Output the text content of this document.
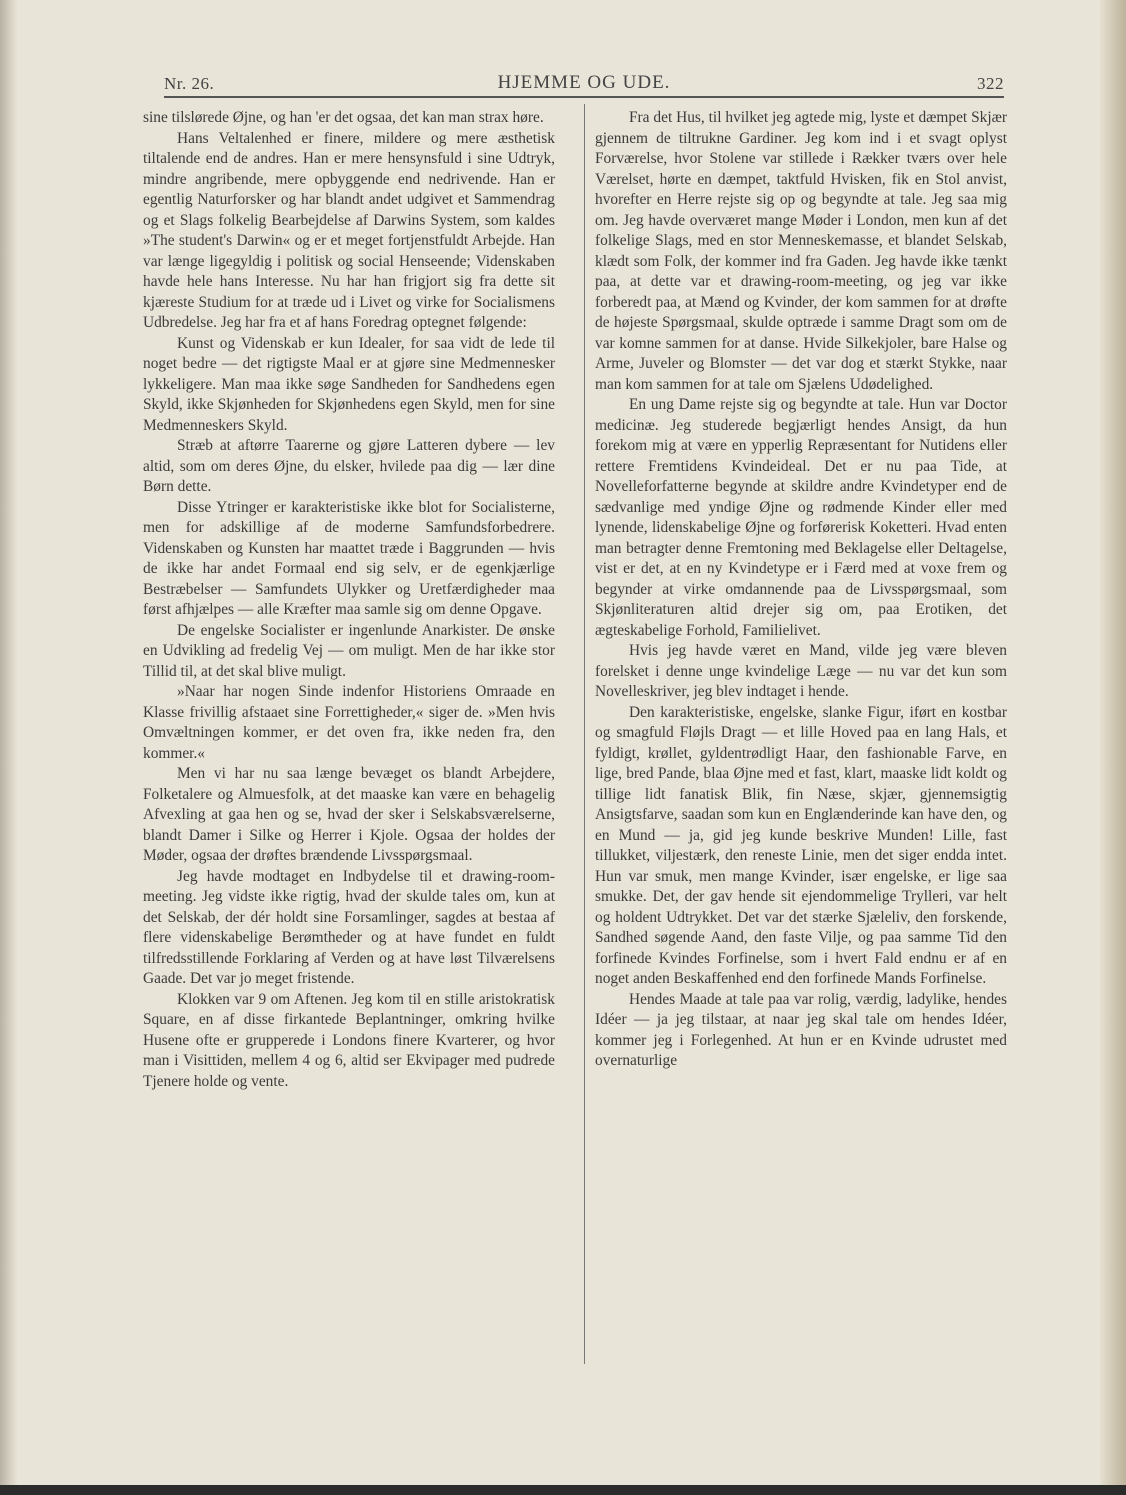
HJEMME OG UDE.
Nr. 26.	322

sine tilslørede Øjne, og han 'er det ogsaa, det kan man strax høre.

Hans Veltalenhed er finere, mildere og mere æsthetisk tiltalende end de andres. Han er mere hensynsfuld i sine Udtryk, mindre angribende, mere opbyggende end nedrivende. Han er egentlig Naturforsker og har blandt andet udgivet et Sammendrag og et Slags folkelig Bearbejdelse af Darwins System, som kaldes »The student's Darwin« og er et meget fortjenstfuldt Arbejde. Han var længe ligegyldig i politisk og social Henseende; Videnskaben havde hele hans Interesse. Nu har han frigjort sig fra dette sit kjæreste Studium for at træde ud i Livet og virke for Socialismens Udbredelse. Jeg har fra et af hans Foredrag optegnet følgende:

Kunst og Videnskab er kun Idealer, for saa vidt de lede til noget bedre — det rigtigste Maal er at gjøre sine Medmennesker lykkeligere. Man maa ikke søge Sandheden for Sandhedens egen Skyld, ikke Skjønheden for Skjønhedens egen Skyld, men for sine Medmenneskers Skyld.

Stræb at aftørre Taarerne og gjøre Latteren dybere — lev altid, som om deres Øjne, du elsker, hvilede paa dig — lær dine Børn dette.

Disse Ytringer er karakteristiske ikke blot for Socialisterne, men for adskillige af de moderne Samfundsforbedrere. Videnskaben og Kunsten har maattet træde i Baggrunden — hvis de ikke har andet Formaal end sig selv, er de egenkjærlige Bestræbelser — Samfundets Ulykker og Uretfærdigheder maa først afhjælpes — alle Kræfter maa samle sig om denne Opgave.

De engelske Socialister er ingenlunde Anarkister. De ønske en Udvikling ad fredelig Vej — om muligt. Men de har ikke stor Tillid til, at det skal blive muligt.

»Naar har nogen Sinde indenfor Historiens Omraade en Klasse frivillig afstaaet sine Forrettigheder,« siger de. »Men hvis Omvæltningen kommer, er det oven fra, ikke neden fra, den kommer.«

Men vi har nu saa længe bevæget os blandt Arbejdere, Folketalere og Almuesfolk, at det maaske kan være en behagelig Afvexling at gaa hen og se, hvad der sker i Selskabsværelserne, blandt Damer i Silke og Herrer i Kjole. Ogsaa der holdes der Møder, ogsaa der drøftes brændende Livsspørgsmaal.

Jeg havde modtaget en Indbydelse til et drawing-room-meeting. Jeg vidste ikke rigtig, hvad der skulde tales om, kun at det Selskab, der dér holdt sine Forsamlinger, sagdes at bestaa af flere videnskabelige Berømtheder og at have fundet en fuldt tilfredsstillende Forklaring af Verden og at have løst Tilværelsens Gaade. Det var jo meget fristende.

Klokken var 9 om Aftenen. Jeg kom til en stille aristokratisk Square, en af disse firkantede Beplantninger, omkring hvilke Husene ofte er grupperede i Londons finere Kvarterer, og hvor man i Visittiden, mellem 4 og 6, altid ser Ekvipager med pudrede Tjenere holde og vente.

Fra det Hus, til hvilket jeg agtede mig, lyste et dæmpet Skjær gjennem de tiltrukne Gardiner. Jeg kom ind i et svagt oplyst Forværelse, hvor Stolene var stillede i Rækker tværs over hele Værelset, hørte en dæmpet, taktfuld Hvisken, fik en Stol anvist, hvorefter en Herre rejste sig op og begyndte at tale. Jeg saa mig om. Jeg havde overværet mange Møder i London, men kun af det folkelige Slags, med en stor Menneskemasse, et blandet Selskab, klædt som Folk, der kommer ind fra Gaden. Jeg havde ikke tænkt paa, at dette var et drawing-room-meeting, og jeg var ikke forberedt paa, at Mænd og Kvinder, der kom sammen for at drøfte de højeste Spørgsmaal, skulde optræde i samme Dragt som om de var komne sammen for at danse. Hvide Silkekjoler, bare Halse og Arme, Juveler og Blomster — det var dog et stærkt Stykke, naar man kom sammen for at tale om Sjælens Udødelighed.

En ung Dame rejste sig og begyndte at tale. Hun var Doctor medicinæ. Jeg studerede begjærligt hendes Ansigt, da hun forekom mig at være en ypperlig Repræsentant for Nutidens eller rettere Fremtidens Kvindeideal. Det er nu paa Tide, at Novelleforfatterne begynde at skildre andre Kvindetyper end de sædvanlige med yndige Øjne og rødmende Kinder eller med lynende, lidenskabelige Øjne og forførerisk Koketteri. Hvad enten man betragter denne Fremtoning med Beklagelse eller Deltagelse, vist er det, at en ny Kvindetype er i Færd med at voxe frem og begynder at virke omdannende paa de Livsspørgsmaal, som Skjønliteraturen altid drejer sig om, paa Erotiken, det ægteskabelige Forhold, Familielivet.

Hvis jeg havde været en Mand, vilde jeg være bleven forelsket i denne unge kvindelige Læge — nu var det kun som Novelleskriver, jeg blev indtaget i hende.

Den karakteristiske, engelske, slanke Figur, iført en kostbar og smagfuld Fløjls Dragt — et lille Hoved paa en lang Hals, et fyldigt, krøllet, gyldentrødligt Haar, den fashionable Farve, en lige, bred Pande, blaa Øjne med et fast, klart, maaske lidt koldt og tillige lidt fanatisk Blik, fin Næse, skjær, gjennemsigtig Ansigtsfarve, saadan som kun en Englænderinde kan have den, og en Mund — ja, gid jeg kunde beskrive Munden! Lille, fast tillukket, viljestærk, den reneste Linie, men det siger endda intet. Hun var smuk, men mange Kvinder, især engelske, er lige saa smukke. Det, der gav hende sit ejendommelige Trylleri, var helt og holdent Udtrykket. Det var det stærke Sjæleliv, den forskende, Sandhed søgende Aand, den faste Vilje, og paa samme Tid den forfinede Kvindes Forfinelse, som i hvert Fald endnu er af en noget anden Beskaffenhed end den forfinede Mands Forfinelse.

Hendes Maade at tale paa var rolig, værdig, ladylike, hendes Idéer — ja jeg tilstaar, at naar jeg skal tale om hendes Idéer, kommer jeg i Forlegenhed. At hun er en Kvinde udrustet med overnaturlige
